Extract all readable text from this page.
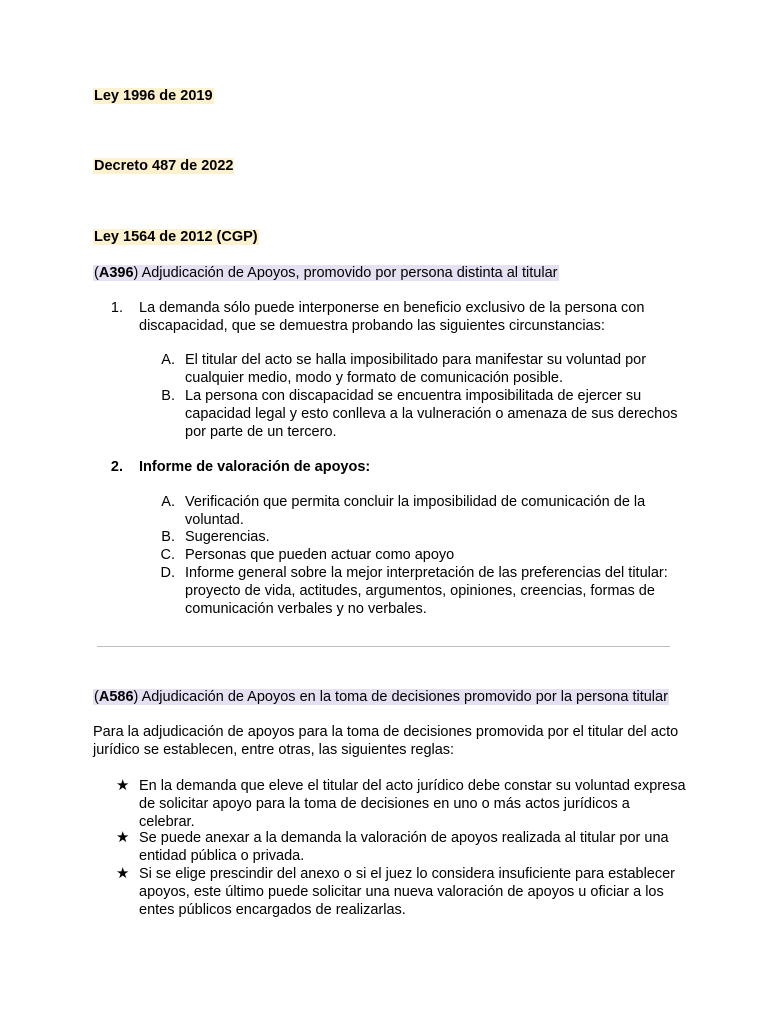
Ley 1996 de 2019
Decreto 487 de 2022
Ley 1564 de 2012 (CGP)
(A396) Adjudicación de Apoyos, promovido por persona distinta al titular
1. La demanda sólo puede interponerse en beneficio exclusivo de la persona con
discapacidad, que se demuestra probando las siguientes circunstancias:
A. El titular del acto se halla imposibilitado para manifestar su voluntad por
cualquier medio, modo y formato de comunicación posible.
B. La persona con discapacidad se encuentra imposibilitada de ejercer su
capacidad legal y esto conlleva a la vulneración o amenaza de sus derechos
por parte de un tercero.
2. Informe de valoración de apoyos:
A. Verificación que permita concluir la imposibilidad de comunicación de la
voluntad.
B. Sugerencias.
C. Personas que pueden actuar como apoyo
D. Informe general sobre la mejor interpretación de las preferencias del titular:
proyecto de vida, actitudes, argumentos, opiniones, creencias, formas de
comunicación verbales y no verbales.
(A586) Adjudicación de Apoyos en la toma de decisiones promovido por la persona titular
Para la adjudicación de apoyos para la toma de decisiones promovida por el titular del acto
jurídico se establecen, entre otras, las siguientes reglas:
★ En la demanda que eleve el titular del acto jurídico debe constar su voluntad expresa
de solicitar apoyo para la toma de decisiones en uno o más actos jurídicos a
celebrar.
★ Se puede anexar a la demanda la valoración de apoyos realizada al titular por una
entidad pública o privada.
★ Si se elige prescindir del anexo o si el juez lo considera insuficiente para establecer
apoyos, este último puede solicitar una nueva valoración de apoyos u oficiar a los
entes públicos encargados de realizarlas.
